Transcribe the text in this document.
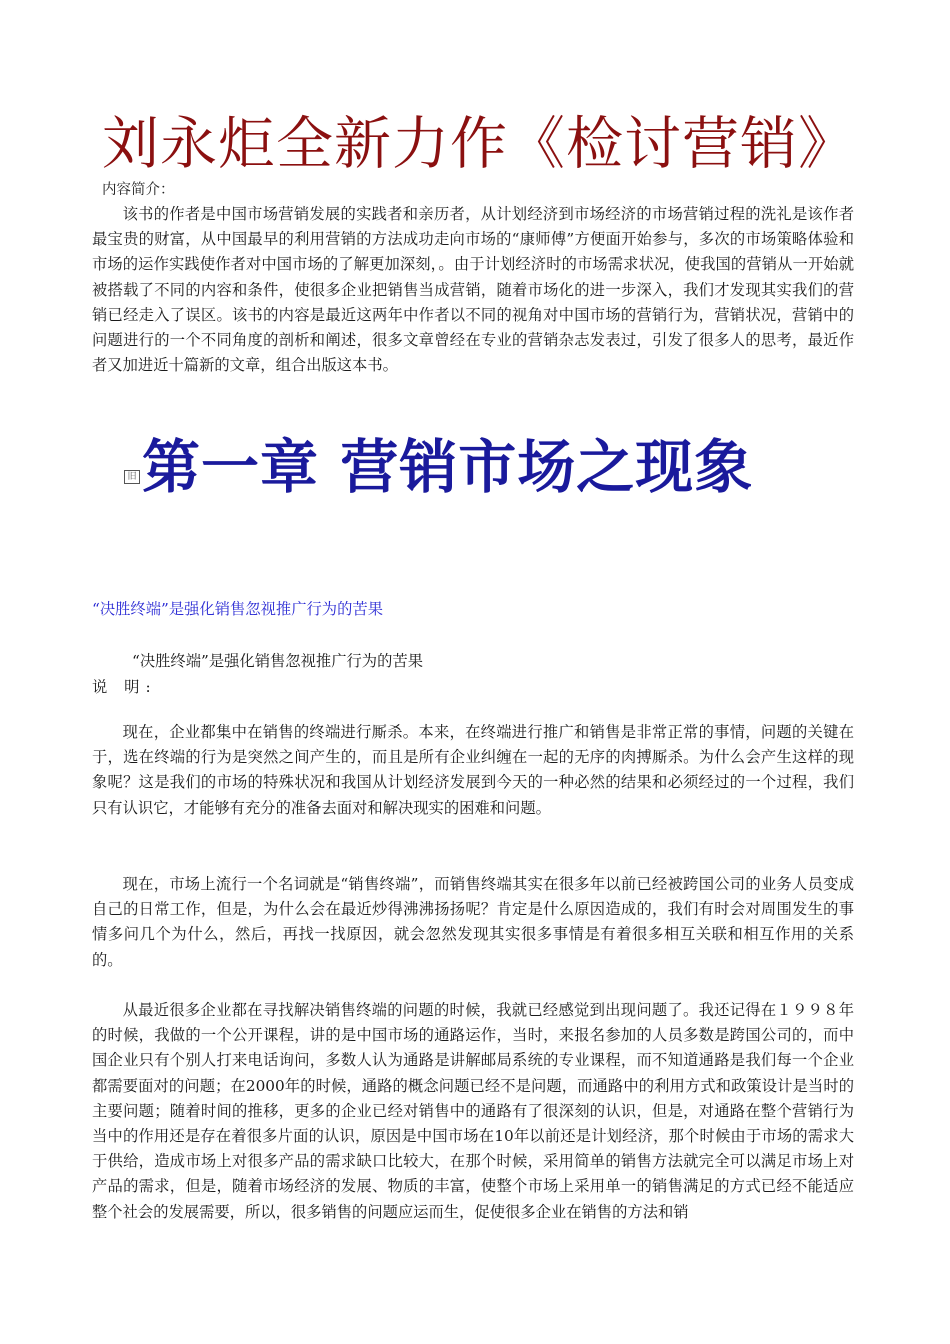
刘永炬全新力作《检讨营销》
内容简介：

该书的作者是中国市场营销发展的实践者和亲历者，从计划经济到市场经济的市场营销过程的洗礼是该作者最宝贵的财富，从中国最早的利用营销的方法成功走向市场的“康师傅”方便面开始参与，多次的市场策略体验和市场的运作实践使作者对中国市场的了解更加深刻，。由于计划经济时的市场需求状况，使我国的营销从一开始就被搭载了不同的内容和条件，使很多企业把销售当成营销，随着市场化的进一步深入，我们才发现其实我们的营销已经走入了误区。该书的内容是最近这两年中作者以不同的视角对中国市场的营销行为，营销状况，营销中的问题进行的一个不同角度的剖析和阐述，很多文章曾经在专业的营销杂志发表过，引发了很多人的思考，最近作者又加进近十篇新的文章，组合出版这本书。

旧第一章 营销市场之现象
“决胜终端”是强化销售忽视推广行为的苦果
“决胜终端”是强化销售忽视推广行为的苦果
说 明:

现在，企业都集中在销售的终端进行厮杀。本来，在终端进行推广和销售是非常正常的事情，问题的关键在于，选在终端的行为是突然之间产生的，而且是所有企业纠缠在一起的无序的肉搏厮杀。为什么会产生这样的现象呢？这是我们的市场的特殊状况和我国从计划经济发展到今天的一种必然的结果和必须经过的一个过程，我们只有认识它，才能够有充分的准备去面对和解决现实的困难和问题。

现在，市场上流行一个名词就是“销售终端”，而销售终端其实在很多年以前已经被跨国公司的业务人员变成自己的日常工作，但是，为什么会在最近炒得沸沸扬扬呢？肯定是什么原因造成的，我们有时会对周围发生的事情多问几个为什么，然后，再找一找原因，就会忽然发现其实很多事情是有着很多相互关联和相互作用的关系的。

从最近很多企业都在寻找解决销售终端的问题的时候，我就已经感觉到出现问题了。我还记得在１９９８年的时候，我做的一个公开课程，讲的是中国市场的通路运作，当时，来报名参加的人员多数是跨国公司的，而中国企业只有个别人打来电话询问，多数人认为通路是讲解邮局系统的专业课程，而不知道通路是我们每一个企业都需要面对的问题；在2000年的时候，通路的概念问题已经不是问题，而通路中的利用方式和政策设计是当时的主要问题；随着时间的推移，更多的企业已经对销售中的通路有了很深刻的认识，但是，对通路在整个营销行为当中的作用还是存在着很多片面的认识，原因是中国市场在10年以前还是计划经济，那个时候由于市场的需求大于供给，造成市场上对很多产品的需求缺口比较大，在那个时候，采用简单的销售方法就完全可以满足市场上对产品的需求，但是，随着市场经济的发展、物质的丰富，使整个市场上采用单一的销售满足的方式已经不能适应整个社会的发展需要，所以，很多销售的问题应运而生，促使很多企业在销售的方法和销
